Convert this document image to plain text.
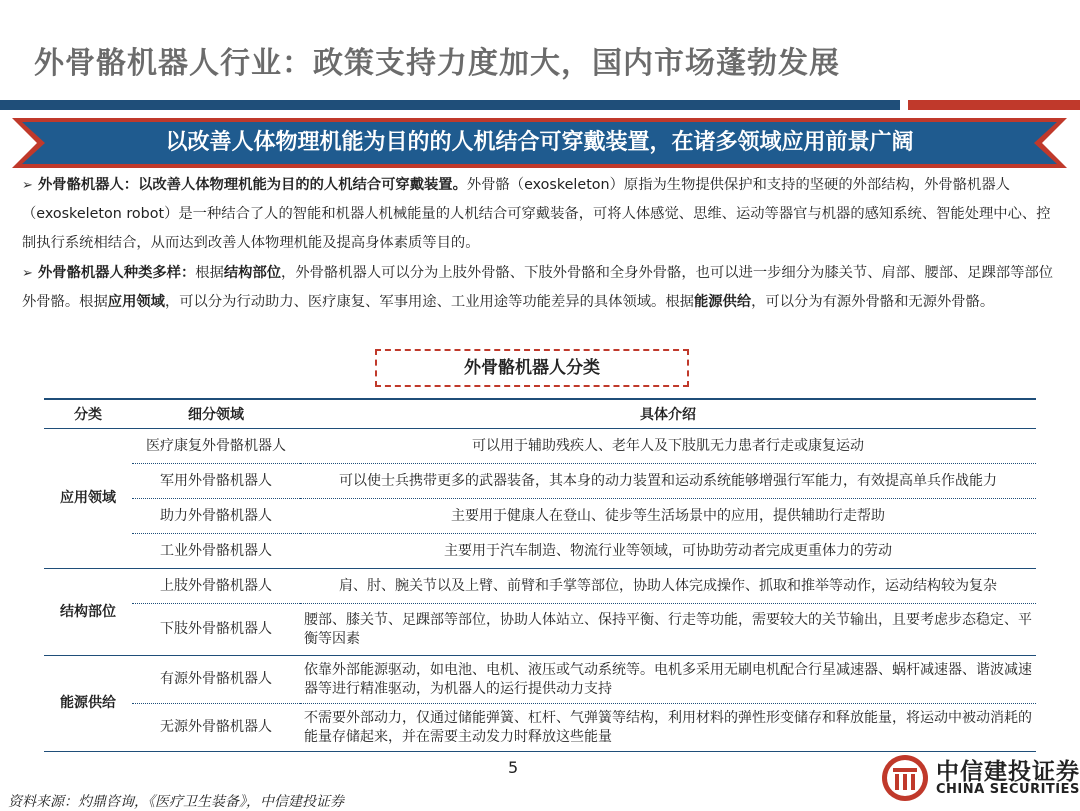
外骨骼机器人行业：政策支持力度加大，国内市场蓬勃发展
以改善人体物理机能为目的的人机结合可穿戴装置，在诸多领域应用前景广阔
➢ 外骨骼机器人：以改善人体物理机能为目的的人机结合可穿戴装置。外骨骼（exoskeleton）原指为生物提供保护和支持的坚硬的外部结构，外骨骼机器人（exoskeleton robot）是一种结合了人的智能和机器人机械能量的人机结合可穿戴装备，可将人体感觉、思维、运动等器官与机器的感知系统、智能处理中心、控制执行系统相结合，从而达到改善人体物理机能及提高身体素质等目的。
➢ 外骨骼机器人种类多样：根据结构部位，外骨骼机器人可以分为上肢外骨骼、下肢外骨骼和全身外骨骼，也可以进一步细分为膝关节、肩部、腰部、足踝部等部位外骨骼。根据应用领域，可以分为行动助力、医疗康复、军事用途、工业用途等功能差异的具体领域。根据能源供给，可以分为有源外骨骼和无源外骨骼。
外骨骼机器人分类
分类	细分领域	具体介绍
应用领域	医疗康复外骨骼机器人	可以用于辅助残疾人、老年人及下肢肌无力患者行走或康复运动
	军用外骨骼机器人	可以使士兵携带更多的武器装备，其本身的动力装置和运动系统能够增强行军能力，有效提高单兵作战能力
	助力外骨骼机器人	主要用于健康人在登山、徒步等生活场景中的应用，提供辅助行走帮助
	工业外骨骼机器人	主要用于汽车制造、物流行业等领域，可协助劳动者完成更重体力的劳动
结构部位	上肢外骨骼机器人	肩、肘、腕关节以及上臂、前臂和手掌等部位，协助人体完成操作、抓取和推举等动作，运动结构较为复杂
	下肢外骨骼机器人	腰部、膝关节、足踝部等部位，协助人体站立、保持平衡、行走等功能，需要较大的关节输出，且要考虑步态稳定、平衡等因素
能源供给	有源外骨骼机器人	依靠外部能源驱动，如电池、电机、液压或气动系统等。电机多采用无刷电机配合行星减速器、蜗杆减速器、谐波减速器等进行精准驱动，为机器人的运行提供动力支持
	无源外骨骼机器人	不需要外部动力，仅通过储能弹簧、杠杆、气弹簧等结构，利用材料的弹性形变储存和释放能量，将运动中被动消耗的能量存储起来，并在需要主动发力时释放这些能量
5
资料来源：灼鼎咨询，《医疗卫生装备》，中信建投证券
中信建投证券
CHINA SECURITIES
